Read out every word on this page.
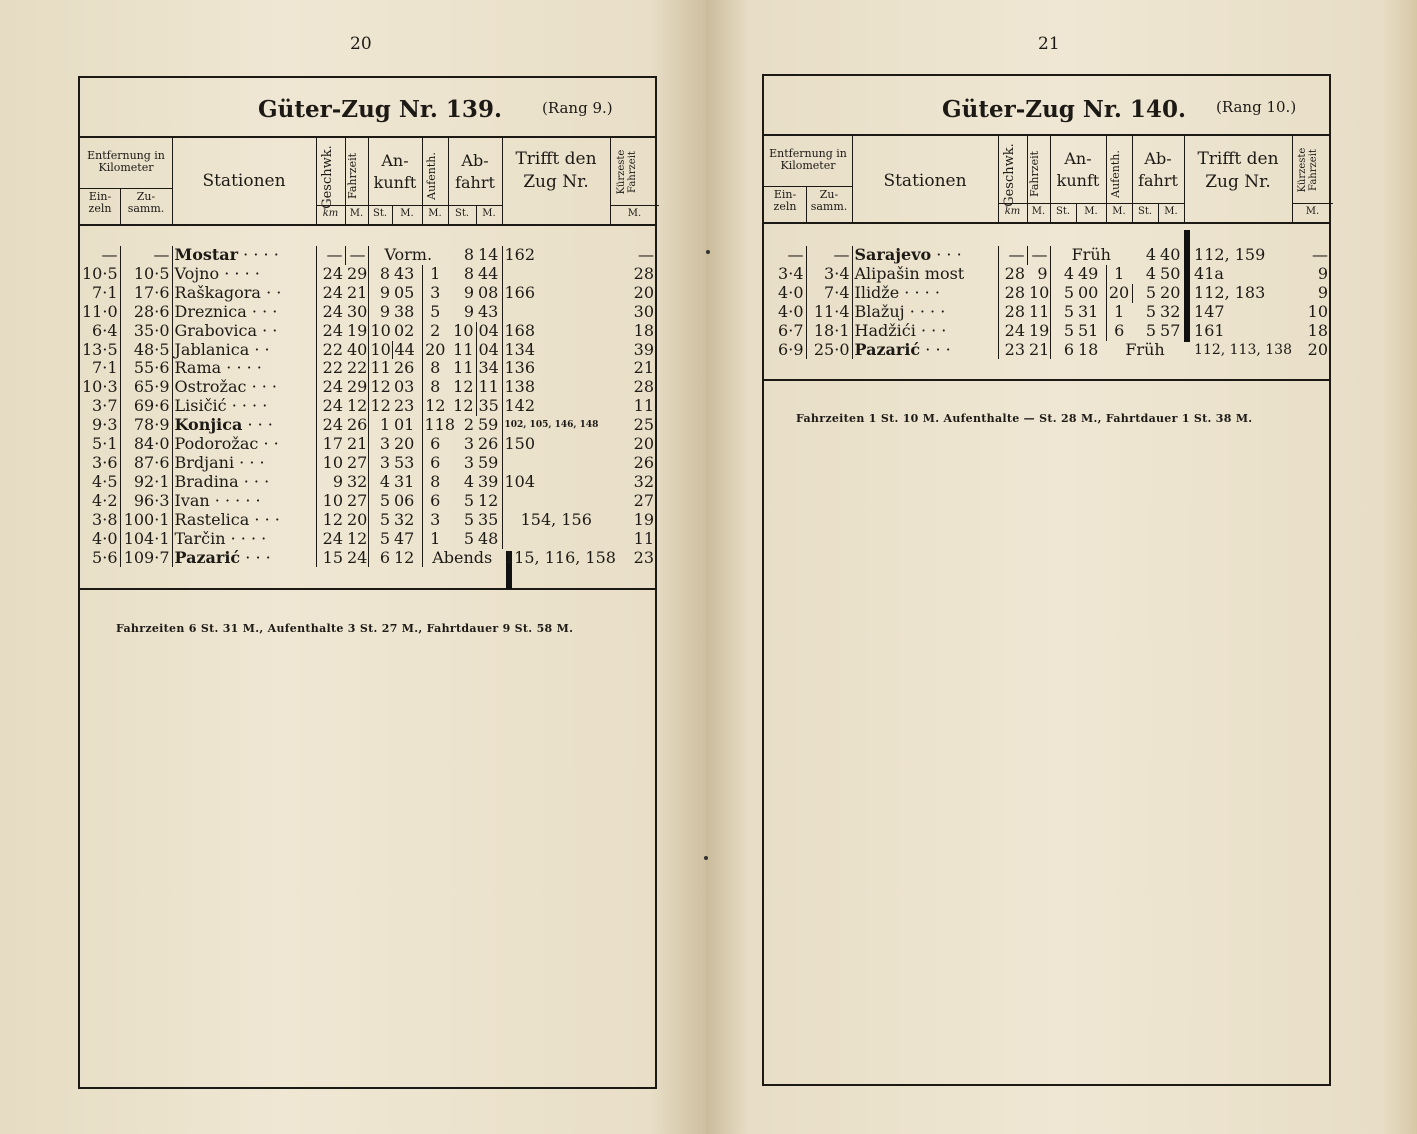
20
Güter-Zug Nr. 139.	(Rang 9.)
Entfernung in Kilometer
Ein-zeln
Zu-samm.
Stationen	Geschwk.	Fahrzeit	An-kunft Aufenth.	Ab-fahrt
Trifft den Zug Nr.	Kürzeste Fahrzeit
km	M. St.	M.	M.	St.	M.	M.
—	—	Mostar · · · ·	—	—	Vorm.			8	14	162	—
10·5	10·5	Vojno · · · ·	24	29	8	43	1	8	44		28
7·1	17·6	Raškagora · ·	24	21	9	05	3	9	08	166	20
11·0	28·6	Dreznica · · ·	24	30	9	38	5	9	43		30
6·4	35·0	Grabovica · ·	24	19	10	02	2	10	04	168	18
13·5	48·5	Jablanica · ·	22	40	10	44	20	11	04	134	39
7·1	55·6	Rama · · · ·	22	22	11	26	8	11	34	136	21
10·3	65·9	Ostrožac · · ·	24	29	12	03	8	12	11	138	28
3·7	69·6	Lisičić · · · ·	24	12	12	23	12	12	35	142	11
9·3	78·9	Konjica · · ·	24	26	1	01	118	2	59	102, 105, 146, 148	25
5·1	84·0	Podorožac · ·	17	21	3	20	6	3	26	150	20
3·6	87·6	Brdjani · · ·	10	27	3	53	6	3	59		26
4·5	92·1	Bradina · · ·	9	32	4	31	8	4	39	104	32
4·2	96·3	Ivan · · · · ·	10	27	5	06	6	5	12		27
3·8	100·1	Rastelica · · ·	12	20	5	32	3	5	35	154, 156	19
4·0	104·1	Tarčin · · · ·	24	12	5	47	1	5	48		11
5·6	109·7	Pazarić · · ·	15	24	6	12	Abends			115, 116, 158	23
Fahrzeiten 6 St. 31 M., Aufenthalte 3 St. 27 M., Fahrtdauer 9 St. 58 M.
21
Güter-Zug Nr. 140. (Rang 10.)
Entfernung in Kilometer
Ein-zeln
Zu-samm.
Stationen	Geschwk.	Fahrzeit	An-kunft Aufenth.	Ab-fahrt
Trifft den Zug Nr.	Kürzeste Fahrzeit
km	M.	St.	M.	M.	St.	M.	M.
—	—	Sarajevo · · ·	—	—	Früh			4	40	112, 159	—
3·4	3·4	Alipašin most	28	9	4	49	1	4	50	41a	9
4·0	7·4	Ilidže · · · ·	28	10	5	00	20	5	20	112, 183	9
4·0	11·4	Blažuj · · · ·	28	11	5	31	1	5	32	147	10
6·7	18·1	Hadžići · · ·	24	19	5	51	6	5	57	161	18
6·9	25·0	Pazarić · · ·	23	21	6	18	Früh			112, 113, 138	20
Fahrzeiten 1 St. 10 M. Aufenthalte — St. 28 M., Fahrtdauer 1 St. 38 M.
